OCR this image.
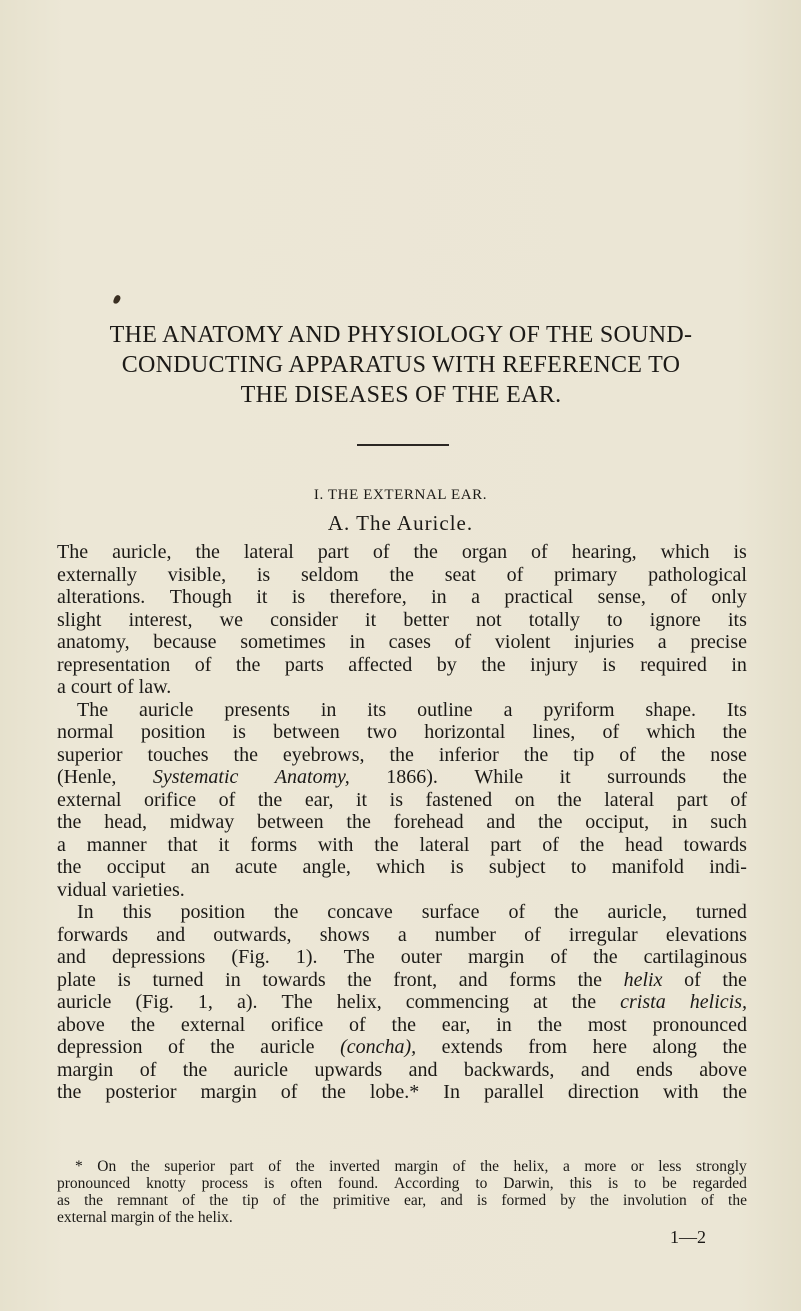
THE ANATOMY AND PHYSIOLOGY OF THE SOUND-
CONDUCTING APPARATUS WITH REFERENCE TO
THE DISEASES OF THE EAR.
I. THE EXTERNAL EAR.
A. The Auricle.
The auricle, the lateral part of the organ of hearing, which is
externally visible, is seldom the seat of primary pathological
alterations. Though it is therefore, in a practical sense, of only
slight interest, we consider it better not totally to ignore its
anatomy, because sometimes in cases of violent injuries a precise
representation of the parts affected by the injury is required in
a court of law.
The auricle presents in its outline a pyriform shape. Its
normal position is between two horizontal lines, of which the
superior touches the eyebrows, the inferior the tip of the nose
(Henle, Systematic Anatomy, 1866). While it surrounds the
external orifice of the ear, it is fastened on the lateral part of
the head, midway between the forehead and the occiput, in such
a manner that it forms with the lateral part of the head towards
the occiput an acute angle, which is subject to manifold indi-
vidual varieties.
In this position the concave surface of the auricle, turned
forwards and outwards, shows a number of irregular elevations
and depressions (Fig. 1). The outer margin of the cartilaginous
plate is turned in towards the front, and forms the helix of the
auricle (Fig. 1, a). The helix, commencing at the crista helicis,
above the external orifice of the ear, in the most pronounced
depression of the auricle (concha), extends from here along the
margin of the auricle upwards and backwards, and ends above
the posterior margin of the lobe.* In parallel direction with the
* On the superior part of the inverted margin of the helix, a more or less strongly
pronounced knotty process is often found. According to Darwin, this is to be regarded
as the remnant of the tip of the primitive ear, and is formed by the involution of the
external margin of the helix.
1—2
